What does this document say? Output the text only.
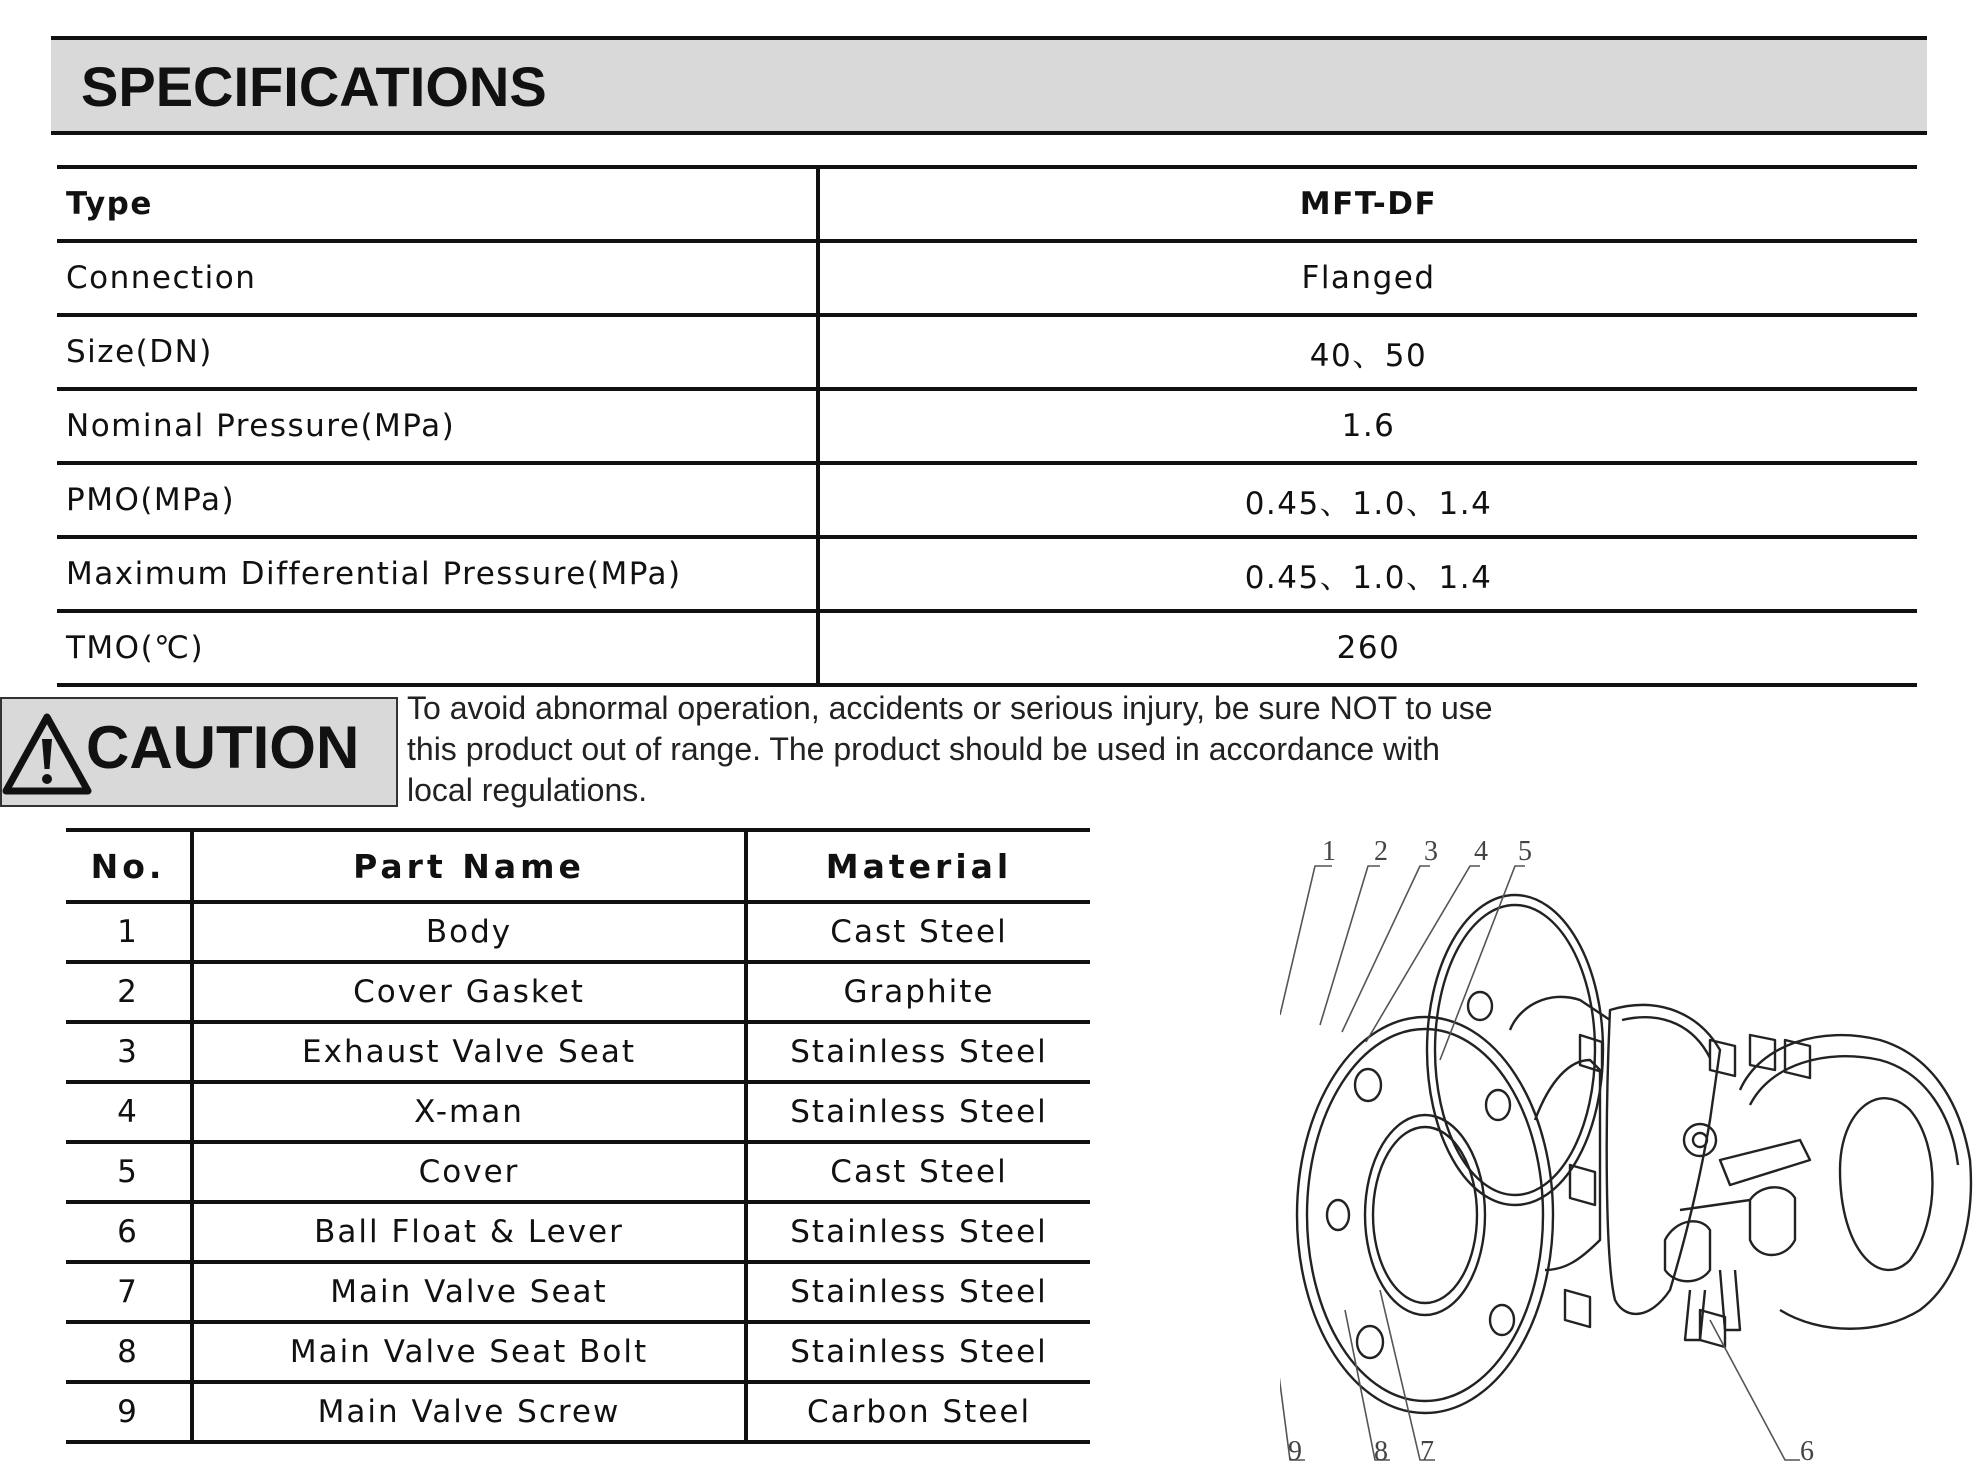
SPECIFICATIONS
Type	MFT-DF
Connection	Flanged
Size(DN)	40、50
Nominal Pressure(MPa)	1.6
PMO(MPa)	0.45、1.0、1.4
Maximum Differential Pressure(MPa)	0.45、1.0、1.4
TMO(℃)	260
CAUTION
To avoid abnormal operation, accidents or serious injury, be sure NOT to use
this product out of range. The product should be used in accordance with
local regulations.
No.	Part Name	Material
1	Body	Cast Steel
2	Cover Gasket	Graphite
3	Exhaust Valve Seat	Stainless Steel
4	X-man	Stainless Steel
5	Cover	Cast Steel
6	Ball Float & Lever	Stainless Steel
7	Main Valve Seat	Stainless Steel
8	Main Valve Seat Bolt	Stainless Steel
9	Main Valve Screw	Carbon Steel
1 2 3 4 5
9	8 7	6
